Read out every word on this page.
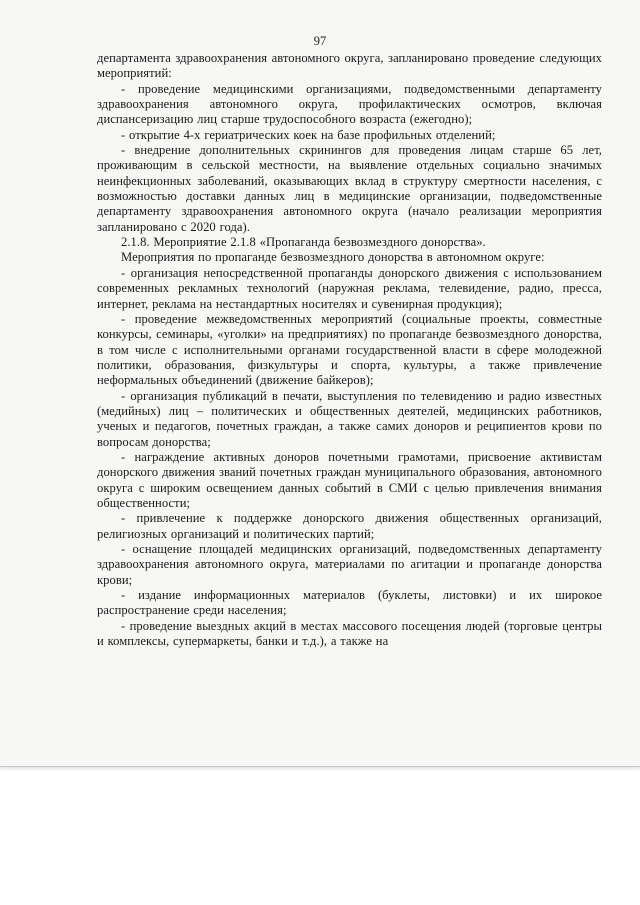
97

департамента здравоохранения автономного округа, запланировано проведение следующих мероприятий:

- проведение медицинскими организациями, подведомственными департаменту здравоохранения автономного округа, профилактических осмотров, включая диспансеризацию лиц старше трудоспособного возраста (ежегодно);

- открытие 4-х гериатрических коек на базе профильных отделений;

- внедрение дополнительных скринингов для проведения лицам старше 65 лет, проживающим в сельской местности, на выявление отдельных социально значимых неинфекционных заболеваний, оказывающих вклад в структуру смертности населения, с возможностью доставки данных лиц в медицинские организации, подведомственные департаменту здравоохранения автономного округа (начало реализации мероприятия запланировано с 2020 года).

2.1.8. Мероприятие 2.1.8 «Пропаганда безвозмездного донорства».

Мероприятия по пропаганде безвозмездного донорства в автономном округе:

- организация непосредственной пропаганды донорского движения с использованием современных рекламных технологий (наружная реклама, телевидение, радио, пресса, интернет, реклама на нестандартных носителях и сувенирная продукция);

- проведение межведомственных мероприятий (социальные проекты, совместные конкурсы, семинары, «уголки» на предприятиях) по пропаганде безвозмездного донорства, в том числе с исполнительными органами государственной власти в сфере молодежной политики, образования, физкультуры и спорта, культуры, а также привлечение неформальных объединений (движение байкеров);

- организация публикаций в печати, выступления по телевидению и радио известных (медийных) лиц – политических и общественных деятелей, медицинских работников, ученых и педагогов, почетных граждан, а также самих доноров и реципиентов крови по вопросам донорства;

- награждение активных доноров почетными грамотами, присвоение активистам донорского движения званий почетных граждан муниципального образования, автономного округа с широким освещением данных событий в СМИ с целью привлечения внимания общественности;

- привлечение к поддержке донорского движения общественных организаций, религиозных организаций и политических партий;

- оснащение площадей медицинских организаций, подведомственных департаменту здравоохранения автономного округа, материалами по агитации и пропаганде донорства крови;

- издание информационных материалов (буклеты, листовки) и их широкое распространение среди населения;

- проведение выездных акций в местах массового посещения людей (торговые центры и комплексы, супермаркеты, банки и т.д.), а также на
